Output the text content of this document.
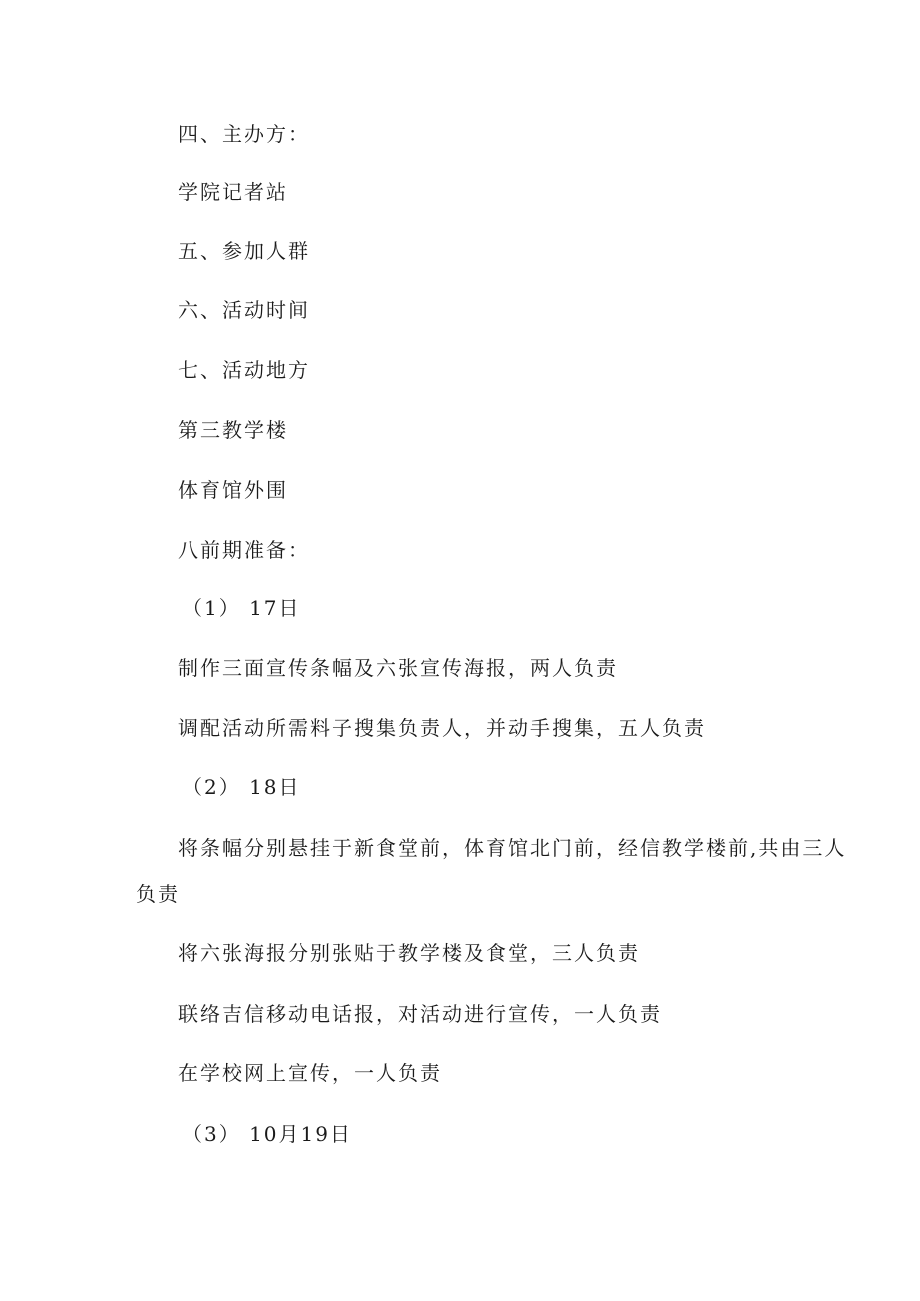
四、主办方：
学院记者站
五、参加人群
六、活动时间
七、活动地方
第三教学楼
体育馆外围
八前期准备：
（1） 17日
制作三面宣传条幅及六张宣传海报，两人负责
调配活动所需料子搜集负责人，并动手搜集，五人负责
（2） 18日
将条幅分别悬挂于新食堂前，体育馆北门前，经信教学楼前,共由三人
负责
将六张海报分别张贴于教学楼及食堂，三人负责
联络吉信移动电话报，对活动进行宣传，一人负责
在学校网上宣传，一人负责
（3） 10月19日
